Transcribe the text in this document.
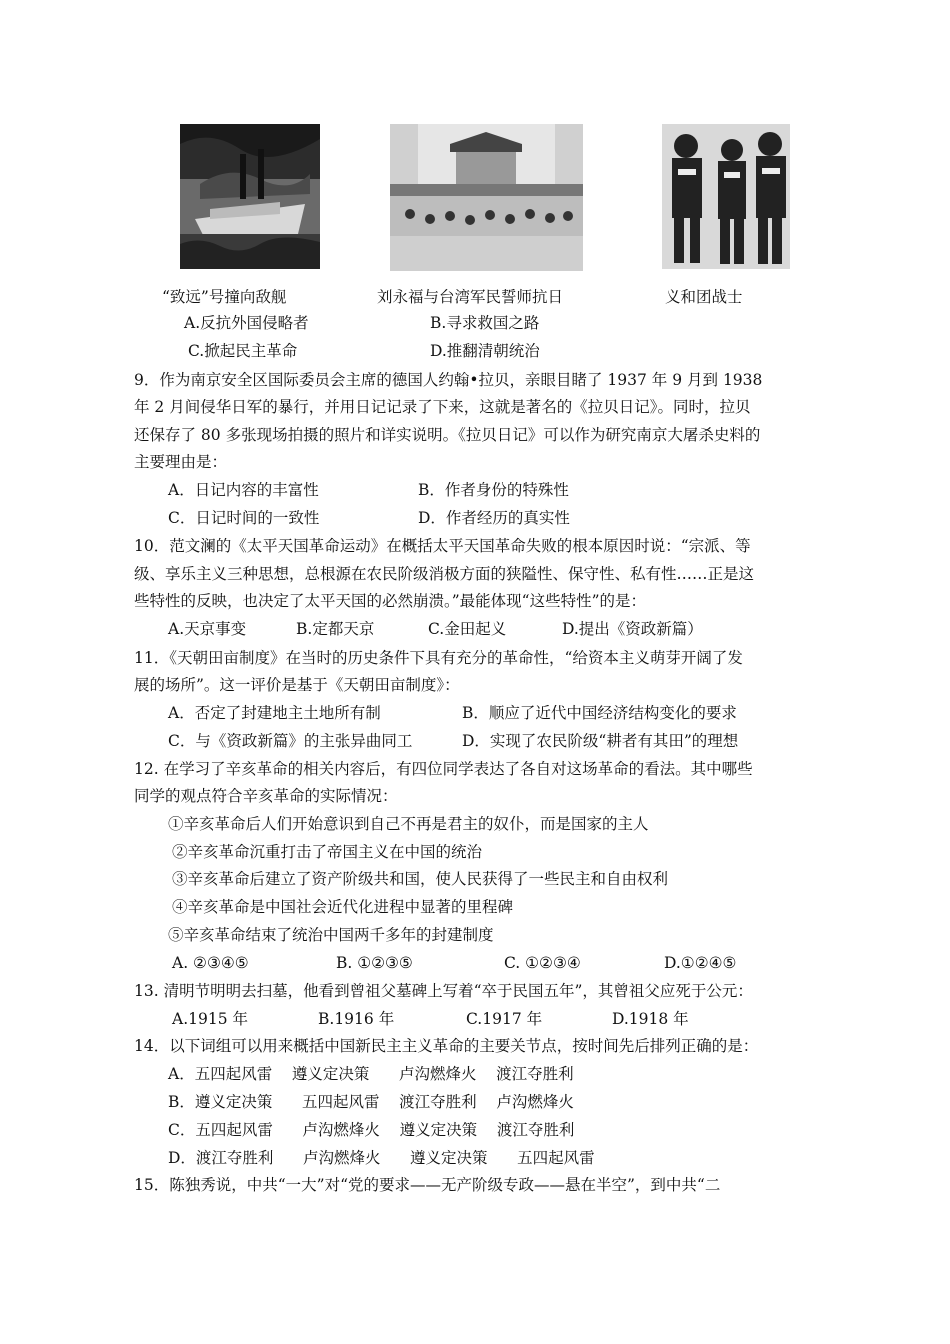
“致远”号撞向敌舰	刘永福与台湾军民誓师抗日	义和团战士
A.反抗外国侵略者	B.寻求救国之路
C.掀起民主革命	D.推翻清朝统治
9．作为南京安全区国际委员会主席的德国人约翰•拉贝，亲眼目睹了 1937 年 9 月到 1938
年 2 月间侵华日军的暴行，并用日记记录了下来，这就是著名的《拉贝日记》。同时，拉贝
还保存了 80 多张现场拍摄的照片和详实说明。《拉贝日记》可以作为研究南京大屠杀史料的
主要理由是：
A．日记内容的丰富性	B．作者身份的特殊性
C．日记时间的一致性	D．作者经历的真实性
10．范文澜的《太平天国革命运动》在概括太平天国革命失败的根本原因时说：“宗派、等
级、享乐主义三种思想，总根源在农民阶级消极方面的狭隘性、保守性、私有性……正是这
些特性的反映，也决定了太平天国的必然崩溃。”最能体现“这些特性”的是：
A.天京事变	B.定都天京	C.金田起义	D.提出《资政新篇）
11．《天朝田亩制度》在当时的历史条件下具有充分的革命性，“给资本主义萌芽开阔了发
展的场所”。这一评价是基于《天朝田亩制度》：
A．否定了封建地主土地所有制	B．顺应了近代中国经济结构变化的要求
C．与《资政新篇》的主张异曲同工	D．实现了农民阶级“耕者有其田”的理想
12. 在学习了辛亥革命的相关内容后，有四位同学表达了各自对这场革命的看法。其中哪些
同学的观点符合辛亥革命的实际情况：
①辛亥革命后人们开始意识到自己不再是君主的奴仆，而是国家的主人
②辛亥革命沉重打击了帝国主义在中国的统治
③辛亥革命后建立了资产阶级共和国，使人民获得了一些民主和自由权利
④辛亥革命是中国社会近代化进程中显著的里程碑
⑤辛亥革命结束了统治中国两千多年的封建制度
A. ②③④⑤	B. ①②③⑤	C. ①②③④	D.①②④⑤
13. 清明节明明去扫墓，他看到曾祖父墓碑上写着“卒于民国五年”，其曾祖父应死于公元：
A.1915 年	B.1916 年	C.1917 年	D.1918 年
14．以下词组可以用来概括中国新民主主义革命的主要关节点，按时间先后排列正确的是：
A．五四起风雷    遵义定决策      卢沟燃烽火    渡江夺胜利
B．遵义定决策      五四起风雷    渡江夺胜利    卢沟燃烽火
C．五四起风雷      卢沟燃烽火    遵义定决策    渡江夺胜利
D．渡江夺胜利      卢沟燃烽火      遵义定决策      五四起风雷
15．陈独秀说，中共“一大”对“党的要求——无产阶级专政——悬在半空”，到中共“二
